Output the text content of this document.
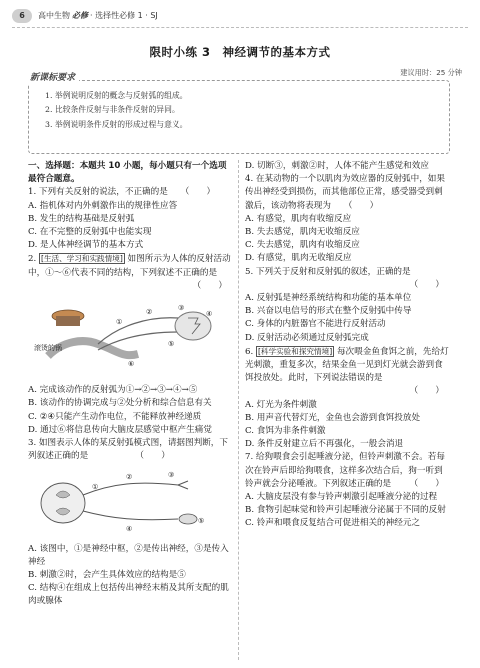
6	高中生物 必修 · 选择性必修 1 · SJ
限时小练 3　神经调节的基本方式
建议用时：25 分钟
1. 举例说明反射的概念与反射弧的组成。
2. 比较条件反射与非条件反射的异同。
3. 举例说明条件反射的形成过程与意义。
新课标要求
一、选择题：本题共 10 小题，每小题只有一个选项最符合题意。
1. 下列有关反射的说法，不正确的是　　（　　）
A. 指机体对内外刺激作出的规律性应答
B. 发生的结构基础是反射弧
C. 在不完整的反射弧中也能实现
D. 是人体神经调节的基本方式
2. [生活、学习和实践情境] 如图所示为人体的反射活动中，①～⑥代表不同的结构，下列叙述不正确的是
（　　）
滚烫的锅
①
②	③
④
⑤
⑥
A. 完成该动作的反射弧为①→②→③→④→⑤
B. 该动作的协调完成与②处分析和综合信息有关
C. ②④只能产生动作电位，不能释放神经递质
D. 通过⑥将信息传向大脑皮层感觉中枢产生痛觉
3. 如图表示人体的某反射弧模式图，请据图判断，下列叙述正确的是　　　　　　（　　）
①
②	③
④
⑤
A. 该图中，①是神经中枢，②是传出神经，③是传入神经
B. 刺激②时，会产生具体效应的结构是⑤
C. 结构④在组成上包括传出神经末梢及其所支配的肌肉或腺体
D. 切断③，刺激②时，人体不能产生感觉和效应
4. 在某动物的一个以肌肉为效应器的反射弧中，如果传出神经受到损伤，而其他部位正常，感受器受到刺激后，该动物将表现为　　（　　）
A. 有感觉，肌肉有收缩反应
B. 失去感觉，肌肉无收缩反应
C. 失去感觉，肌肉有收缩反应
D. 有感觉，肌肉无收缩反应
5. 下列关于反射和反射弧的叙述，正确的是
（　　）
A. 反射弧是神经系统结构和功能的基本单位
B. 兴奋以电信号的形式在整个反射弧中传导
C. 身体的内脏器官不能进行反射活动
D. 反射活动必须通过反射弧完成
6. [科学实验和探究情境] 每次喂金鱼食饵之前，先给灯光刺激，重复多次，结果金鱼一见到灯光就会游到食饵投放处。此时，下列说法错误的是
（　　）
A. 灯光为条件刺激
B. 用声音代替灯光，金鱼也会游到食饵投放处
C. 食饵为非条件刺激
D. 条件反射建立后不再强化，一般会消退
7. 给狗喂食会引起唾液分泌，但铃声刺激不会。若每次在铃声后即给狗喂食，这样多次结合后，狗一听到铃声就会分泌唾液。下列叙述正确的是 （　　）
A. 大脑皮层没有参与铃声刺激引起唾液分泌的过程
B. 食物引起味觉和铃声引起唾液分泌属于不同的反射
C. 铃声和喂食反复结合可促进相关的神经元之
